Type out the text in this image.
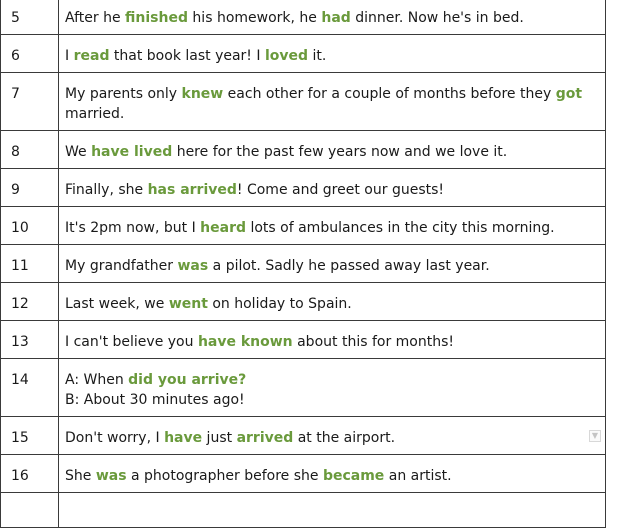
5	After he finished his homework, he had dinner. Now he's in bed.

6	I read that book last year! I loved it.

7	My parents only knew each other for a couple of months before they got married.

8	We have lived here for the past few years now and we love it.

9	Finally, she has arrived! Come and greet our guests!

10	It's 2pm now, but I heard lots of ambulances in the city this morning.

11	My grandfather was a pilot. Sadly he passed away last year.

12	Last week, we went on holiday to Spain.

13	I can't believe you have known about this for months!

14	A: When did you arrive?
B: About 30 minutes ago!

15	Don't worry, I have just arrived at the airport.

16	She was a photographer before she became an artist.

▼
